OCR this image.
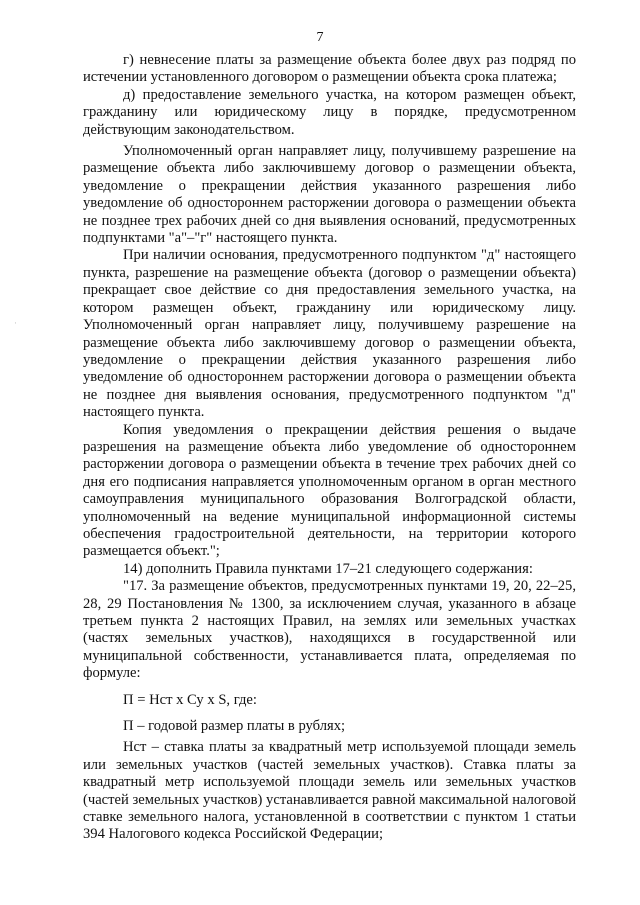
7
·

г) невнесение платы за размещение объекта более двух раз подряд по истечении установленного договором о размещении объекта срока платежа;

д) предоставление земельного участка, на котором размещен объект, гражданину или юридическому лицу в порядке, предусмотренном действующим законодательством.

Уполномоченный орган направляет лицу, получившему разрешение на размещение объекта либо заключившему договор о размещении объекта, уведомление о прекращении действия указанного разрешения либо уведомление об одностороннем расторжении договора о размещении объекта не позднее трех рабочих дней со дня выявления оснований, предусмотренных подпунктами "а"–"г" настоящего пункта.

При наличии основания, предусмотренного подпунктом "д" настоящего пункта, разрешение на размещение объекта (договор о размещении объекта) прекращает свое действие со дня предоставления земельного участка, на котором размещен объект, гражданину или юридическому лицу. Уполномоченный орган направляет лицу, получившему разрешение на размещение объекта либо заключившему договор о размещении объекта, уведомление о прекращении действия указанного разрешения либо уведомление об одностороннем расторжении договора о размещении объекта не позднее дня выявления основания, предусмотренного подпунктом "д" настоящего пункта.

Копия уведомления о прекращении действия решения о выдаче разрешения на размещение объекта либо уведомление об одностороннем расторжении договора о размещении объекта в течение трех рабочих дней со дня его подписания направляется уполномоченным органом в орган местного самоуправления муниципального образования Волгоградской области, уполномоченный на ведение муниципальной информационной системы обеспечения градостроительной деятельности, на территории которого размещается объект.";

14) дополнить Правила пунктами 17–21 следующего содержания:

"17. За размещение объектов, предусмотренных пунктами 19, 20, 22–25, 28, 29 Постановления № 1300, за исключением случая, указанного в абзаце третьем пункта 2 настоящих Правил, на землях или земельных участках (частях земельных участков), находящихся в государственной или муниципальной собственности, устанавливается плата, определяемая по формуле:

П = Нст x Су x S, где:

П – годовой размер платы в рублях;

Нст – ставка платы за квадратный метр используемой площади земель или земельных участков (частей земельных участков). Ставка платы за квадратный метр используемой площади земель или земельных участков (частей земельных участков) устанавливается равной максимальной налоговой ставке земельного налога, установленной в соответствии с пунктом 1 статьи 394 Налогового кодекса Российской Федерации;
